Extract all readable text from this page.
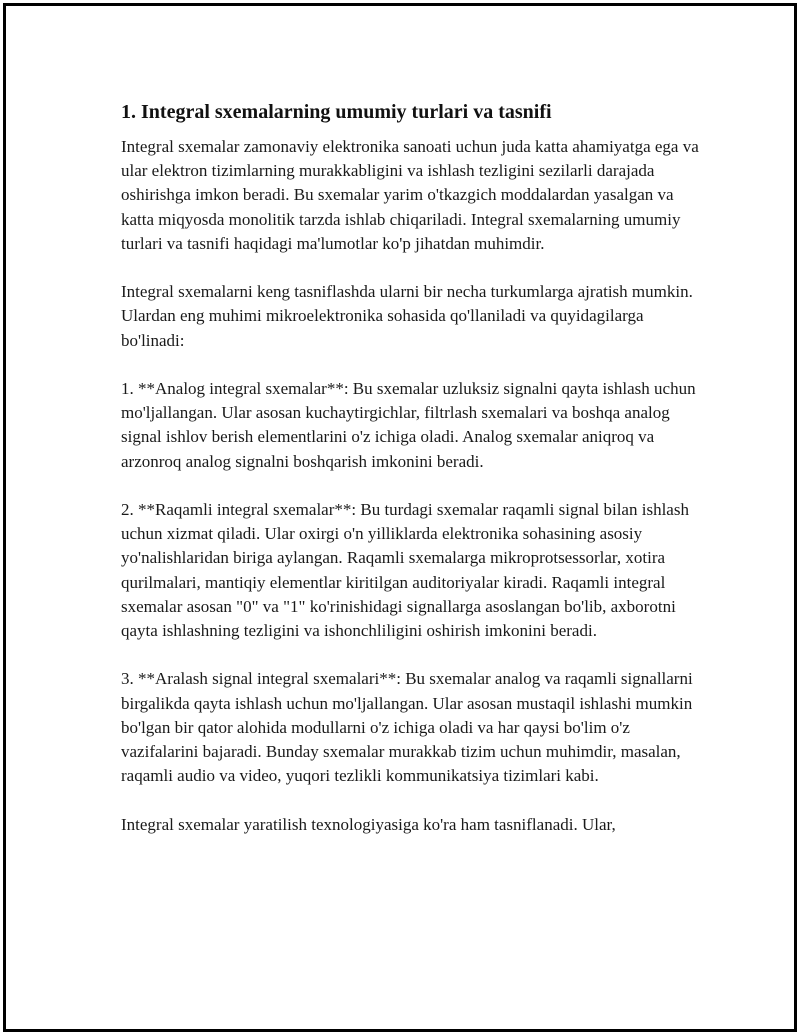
1. Integral sxemalarning umumiy turlari va tasnifi

Integral sxemalar zamonaviy elektronika sanoati uchun juda katta ahamiyatga ega va ular elektron tizimlarning murakkabligini va ishlash tezligini sezilarli darajada oshirishga imkon beradi. Bu sxemalar yarim o'tkazgich moddalardan yasalgan va katta miqyosda monolitik tarzda ishlab chiqariladi. Integral sxemalarning umumiy turlari va tasnifi haqidagi ma'lumotlar ko'p jihatdan muhimdir.

Integral sxemalarni keng tasniflashda ularni bir necha turkumlarga ajratish mumkin. Ulardan eng muhimi mikroelektronika sohasida qo'llaniladi va quyidagilarga bo'linadi:

1. **Analog integral sxemalar**: Bu sxemalar uzluksiz signalni qayta ishlash uchun mo'ljallangan. Ular asosan kuchaytirgichlar, filtrlash sxemalari va boshqa analog signal ishlov berish elementlarini o'z ichiga oladi. Analog sxemalar aniqroq va arzonroq analog signalni boshqarish imkonini beradi.

2. **Raqamli integral sxemalar**: Bu turdagi sxemalar raqamli signal bilan ishlash uchun xizmat qiladi. Ular oxirgi o'n yilliklarda elektronika sohasining asosiy yo'nalishlaridan biriga aylangan. Raqamli sxemalarga mikroprotsessorlar, xotira qurilmalari, mantiqiy elementlar kiritilgan auditoriyalar kiradi. Raqamli integral sxemalar asosan "0" va "1" ko'rinishidagi signallarga asoslangan bo'lib, axborotni qayta ishlashning tezligini va ishonchliligini oshirish imkonini beradi.

3. **Aralash signal integral sxemalari**: Bu sxemalar analog va raqamli signallarni birgalikda qayta ishlash uchun mo'ljallangan. Ular asosan mustaqil ishlashi mumkin bo'lgan bir qator alohida modullarni o'z ichiga oladi va har qaysi bo'lim o'z vazifalarini bajaradi. Bunday sxemalar murakkab tizim uchun muhimdir, masalan, raqamli audio va video, yuqori tezlikli kommunikatsiya tizimlari kabi.

Integral sxemalar yaratilish texnologiyasiga ko'ra ham tasniflanadi. Ular,
